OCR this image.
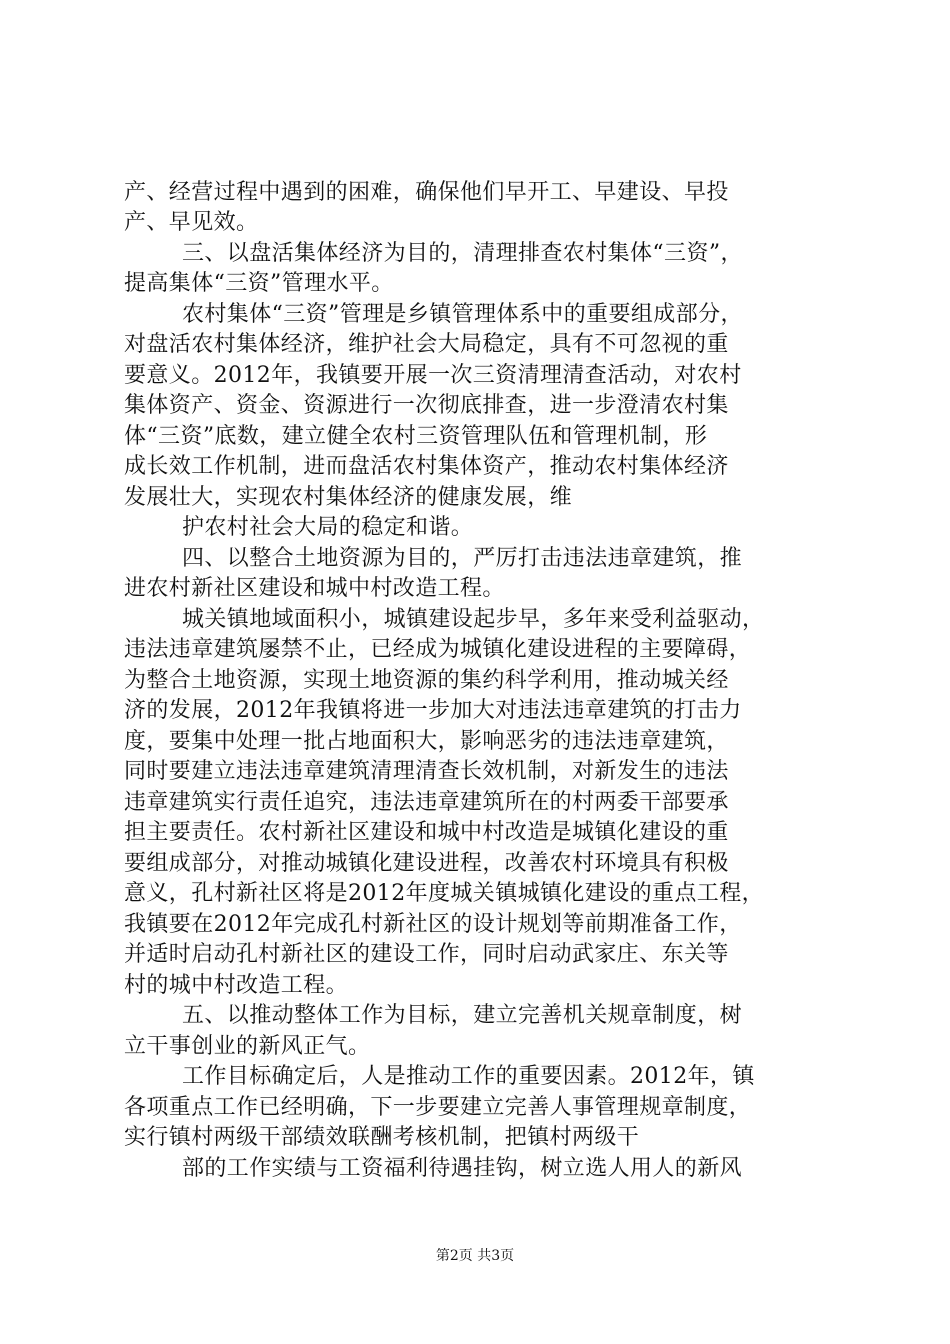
产、经营过程中遇到的困难，确保他们早开工、早建设、早投
产、早见效。
三、以盘活集体经济为目的，清理排查农村集体“三资”，
提高集体“三资”管理水平。
农村集体“三资”管理是乡镇管理体系中的重要组成部分，
对盘活农村集体经济，维护社会大局稳定，具有不可忽视的重
要意义。2012年，我镇要开展一次三资清理清查活动，对农村
集体资产、资金、资源进行一次彻底排查，进一步澄清农村集
体“三资”底数，建立健全农村三资管理队伍和管理机制，形
成长效工作机制，进而盘活农村集体资产，推动农村集体经济
发展壮大，实现农村集体经济的健康发展，维
护农村社会大局的稳定和谐。
四、以整合土地资源为目的，严厉打击违法违章建筑，推
进农村新社区建设和城中村改造工程。
城关镇地域面积小，城镇建设起步早，多年来受利益驱动，
违法违章建筑屡禁不止，已经成为城镇化建设进程的主要障碍，
为整合土地资源，实现土地资源的集约科学利用，推动城关经
济的发展，2012年我镇将进一步加大对违法违章建筑的打击力
度，要集中处理一批占地面积大，影响恶劣的违法违章建筑，
同时要建立违法违章建筑清理清查长效机制，对新发生的违法
违章建筑实行责任追究，违法违章建筑所在的村两委干部要承
担主要责任。农村新社区建设和城中村改造是城镇化建设的重
要组成部分，对推动城镇化建设进程，改善农村环境具有积极
意义，孔村新社区将是2012年度城关镇城镇化建设的重点工程，
我镇要在2012年完成孔村新社区的设计规划等前期准备工作，
并适时启动孔村新社区的建设工作，同时启动武家庄、东关等
村的城中村改造工程。
五、以推动整体工作为目标，建立完善机关规章制度，树
立干事创业的新风正气。
工作目标确定后，人是推动工作的重要因素。2012年，镇
各项重点工作已经明确，下一步要建立完善人事管理规章制度，
实行镇村两级干部绩效联酬考核机制，把镇村两级干
部的工作实绩与工资福利待遇挂钩，树立选人用人的新风
第2页 共3页
